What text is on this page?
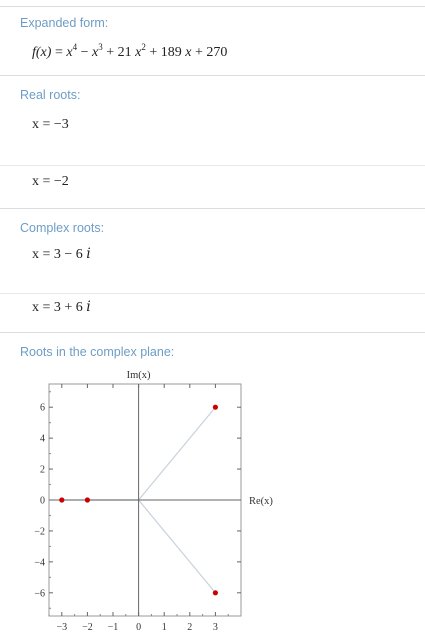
Expanded form:
$f(x) = x^4 - x^3 + 21$ $x^2 + 189$ x + 270
Real roots:
x = −3
x = −2
Complex roots:
x = 3 − 6 𝑖
x = 3 + 6 𝑖
Roots in the complex plane:
−3 −2 −1 0 1 2 3
6
4
2
0
−2
−4
−6
Re(x)
Im(x)
